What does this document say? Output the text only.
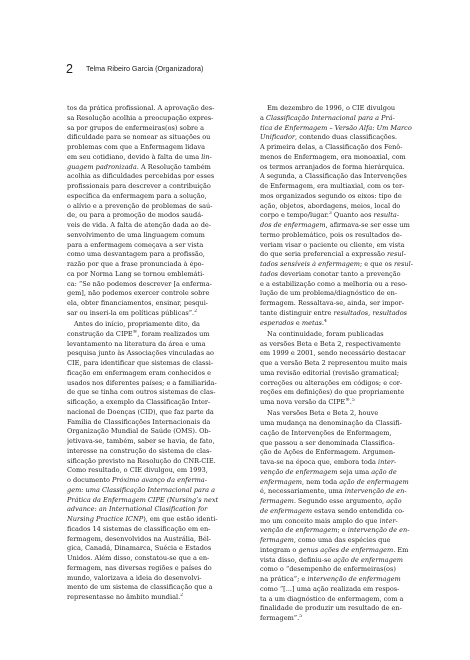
2 Telma Ribeiro Garcia (Organizadora)
tos da prática profissional. A aprovação des-
sa Resolução acolhia a preocupação expres-
sa por grupos de enfermeiras(os) sobre a
dificuldade para se nomear as situações ou
problemas com que a Enfermagem lidava
em seu cotidiano, devido à falta de uma lin-
guagem padronizada. A Resolução também
acolhia as dificuldades percebidas por esses
profissionais para descrever a contribuição
específica da enfermagem para a solução,
o alívio e a prevenção de problemas de saú-
de, ou para a promoção de modos saudá-
veis de vida. A falta de atenção dada ao de-
senvolvimento de uma linguagem comum
para a enfermagem começava a ser vista
como uma desvantagem para a profissão,
razão por que a frase pronunciada à épo-
ca por Norma Lang se tornou emblemáti-
ca: “Se não podemos descrever [a enferma-
gem], não podemos exercer controle sobre
ela, obter financiamentos, ensinar, pesqui-
sar ou inseri-la em políticas públicas”.$^2$
Antes do início, propriamente dito, da
construção da CIPE®, foram realizados um
levantamento na literatura da área e uma
pesquisa junto às Associações vinculadas ao
CIE, para identificar que sistemas de classi-
ficação em enfermagem eram conhecidos e
usados nos diferentes países; e a familiarida-
de que se tinha com outros sistemas de clas-
sificação, a exemplo da Classificação Inter-
nacional de Doenças (CID), que faz parte da
Família de Classificações Internacionais da
Organização Mundial de Saúde (OMS). Ob-
jetivava-se, também, saber se havia, de fato,
interesse na construção do sistema de clas-
sificação previsto na Resolução do CNR-CIE.
Como resultado, o CIE divulgou, em 1993,
o documento Próximo avanço da enferma-
gem: uma Classificação Internacional para a
Prática da Enfermagem CIPE (Nursing’s next
advance: an International Clasification for
Nursing Practice ICNP), em que estão identi-
ficados 14 sistemas de classificação em en-
fermagem, desenvolvidos na Austrália, Bél-
gica, Canadá, Dinamarca, Suécia e Estados
Unidos. Além disso, constatou-se que a en-
fermagem, nas diversas regiões e países do
mundo, valorizava a ideia do desenvolvi-
mento de um sistema de classificação que a
representasse no âmbito mundial.$^2$
Em dezembro de 1996, o CIE divulgou
a Classificação Internacional para a Prá-
tica de Enfermagem – Versão Alfa: Um Marco
Unificador, contendo duas classificações.
A primeira delas, a Classificação dos Fenô-
menos de Enfermagem, era monoaxial, com
os termos arranjados de forma hierárquica.
A segunda, a Classificação das Intervenções
de Enfermagem, era multiaxial, com os ter-
mos organizados segundo os eixos: tipo de
ação, objetos, abordagens, meios, local do
corpo e tempo/lugar.$^3$ Quanto aos resulta-
dos de enfermagem, afirmava-se ser esse um
termo problemático, pois os resultados de-
veriam visar o paciente ou cliente, em vista
do que seria preferencial a expressão resul-
tados sensíveis à enfermagem; e que os resul-
tados deveriam conotar tanto a prevenção
e a estabilização como a melhoria ou a reso-
lução de um problema/diagnóstico de en-
fermagem. Ressaltava-se, ainda, ser impor-
tante distinguir entre resultados, resultados
esperados e metas.$^4$
Na continuidade, foram publicadas
as versões Beta e Beta 2, respectivamente
em 1999 e 2001, sendo necessário destacar
que a versão Beta 2 representou muito mais
uma revisão editorial (revisão gramatical;
correções ou alterações em códigos; e cor-
reções em definições) do que propriamente
uma nova versão da CIPE®.$^5$
Nas versões Beta e Beta 2, houve
uma mudança na denominação da Classifi-
cação de Intervenções de Enfermagem,
que passou a ser denominada Classifica-
ção de Ações de Enfermagem. Argumen-
tava-se na época que, embora toda inter-
venção de enfermagem seja uma ação de
enfermagem, nem toda ação de enfermagem
é, necessariamente, uma intervenção de en-
fermagem. Segundo esse argumento, ação
de enfermagem estava sendo entendida co-
mo um conceito mais amplo do que inter-
venção de enfermagem; e intervenção de en-
fermagem, como uma das espécies que
integram o genus ações de enfermagem. Em
vista disso, definiu-se ação de enfermagem
como o “desempenho de enfermeiras(os)
na prática”; e intervenção de enfermagem
como “[...] uma ação realizada em respos-
ta a um diagnóstico de enfermagem, com a
finalidade de produzir um resultado de en-
fermagem”.$^5$
